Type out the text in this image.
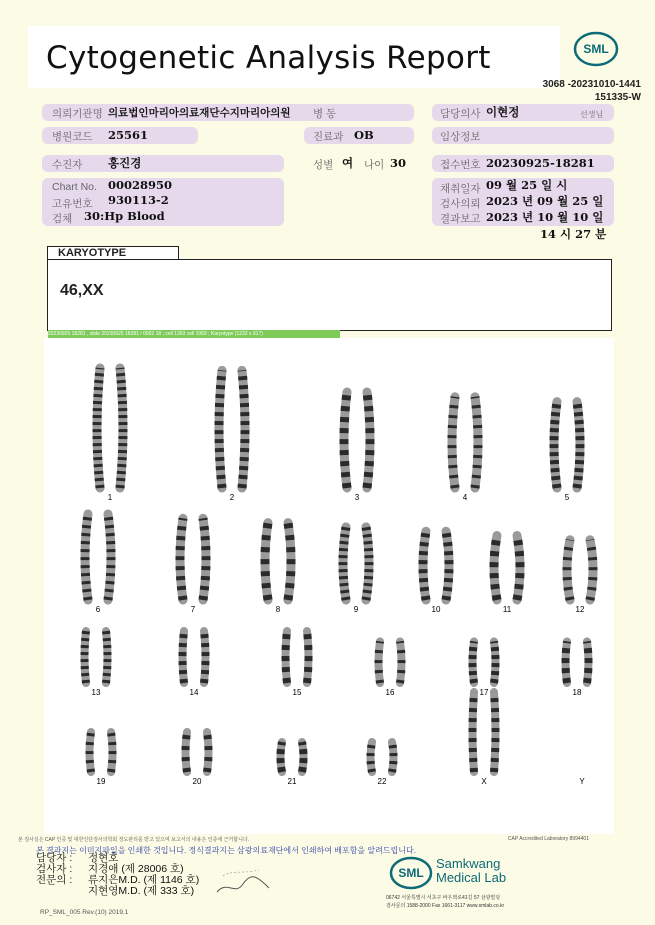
Cytogenetic Analysis Report	SML
3068 -20231010-1441
151335-W
의뢰기관명 의료법인마리아의료재단수지마리아의원 병 동	담당의사 이현정	선생님
병원코드 25561	진료과 OB	임상정보
수진자 홍진경	성별 여 나이 30	접수번호 20230925-18281
Chart No. 00028950
고유번호 930113-2
검체 30:Hp Blood
채취일자 09 월 25 일 시
검사의뢰 2023 년 09 월 25 일
결과보고 2023 년 10 월 10 일
14 시 27 분
KARYOTYPE
46,XX
20230925 18281 , slide 20230925 18281 / 0002 18 ; cell 1363 cell 1069 ; Karyotype (1232 x 917)
1	2	3	4	5
6	7	8	9	10	11	12
13	14	15	16	17	18
19	20	21	22	X	Y
본 검사실은 CAP 인증 및 대한진단검사의학회 정도관리를 받고 있으며 보고서의 내용은 인증에 근거합니다.	CAP Accredited Laboratory 8994401
본 결과지는 이미지파일을 인쇄한 것입니다. 정식결과지는 삼광의료재단에서 인쇄하여 배포함을 알려드립니다.
담당자 : 정현호
검사자 : 지경애 (제 28006 호)
전문의 : 류지은M.D. (제 1146 호)
지현영M.D. (제 333 호)
SML
Samkwang
Medical Lab
06742 서울특별시 서초구 바우뫼로41길 57 삼광빌딩
검사문의 1588-2000 Fax 1661-3117 www.smlab.co.kr
RP_SML_005 Rev.(10) 2019.1
